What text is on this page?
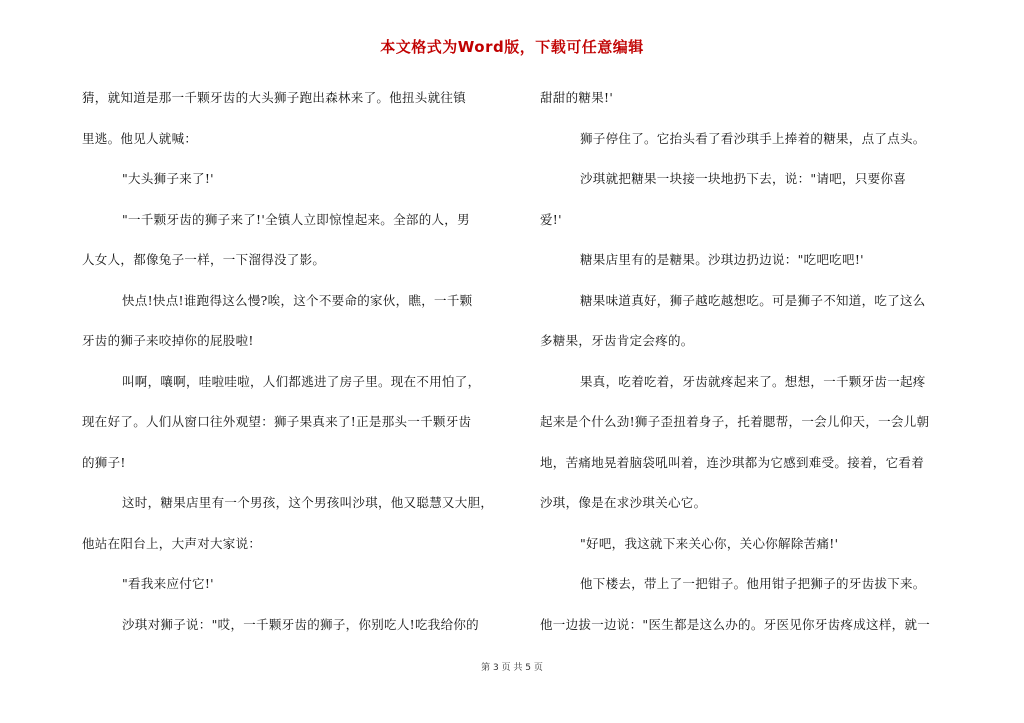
本文格式为Word版，下载可任意编辑
猜，就知道是那一千颗牙齿的大头狮子跑出森林来了。他扭头就往镇
里逃。他见人就喊：
"大头狮子来了!'
"一千颗牙齿的狮子来了!'全镇人立即惊惶起来。全部的人，男
人女人，都像兔子一样，一下溜得没了影。
快点!快点!谁跑得这么慢?唉，这个不要命的家伙，瞧，一千颗
牙齿的狮子来咬掉你的屁股啦!
叫啊，嚷啊，哇啦哇啦，人们都逃进了房子里。现在不用怕了，
现在好了。人们从窗口往外观望：狮子果真来了!正是那头一千颗牙齿
的狮子!
这时，糖果店里有一个男孩，这个男孩叫沙琪，他又聪慧又大胆，
他站在阳台上，大声对大家说：
"看我来应付它!'
沙琪对狮子说："哎，一千颗牙齿的狮子，你别吃人!吃我给你的
甜甜的糖果!'
狮子停住了。它抬头看了看沙琪手上捧着的糖果，点了点头。
沙琪就把糖果一块接一块地扔下去，说："请吧，只要你喜
爱!'
糖果店里有的是糖果。沙琪边扔边说："吃吧吃吧!'
糖果味道真好，狮子越吃越想吃。可是狮子不知道，吃了这么
多糖果，牙齿肯定会疼的。
果真，吃着吃着，牙齿就疼起来了。想想，一千颗牙齿一起疼
起来是个什么劲!狮子歪扭着身子，托着腮帮，一会儿仰天，一会儿朝
地，苦痛地晃着脑袋吼叫着，连沙琪都为它感到难受。接着，它看着
沙琪，像是在求沙琪关心它。
"好吧，我这就下来关心你，关心你解除苦痛!'
他下楼去，带上了一把钳子。他用钳子把狮子的牙齿拔下来。
他一边拔一边说："医生都是这么办的。牙医见你牙齿疼成这样，就一
第 3 页 共 5 页
